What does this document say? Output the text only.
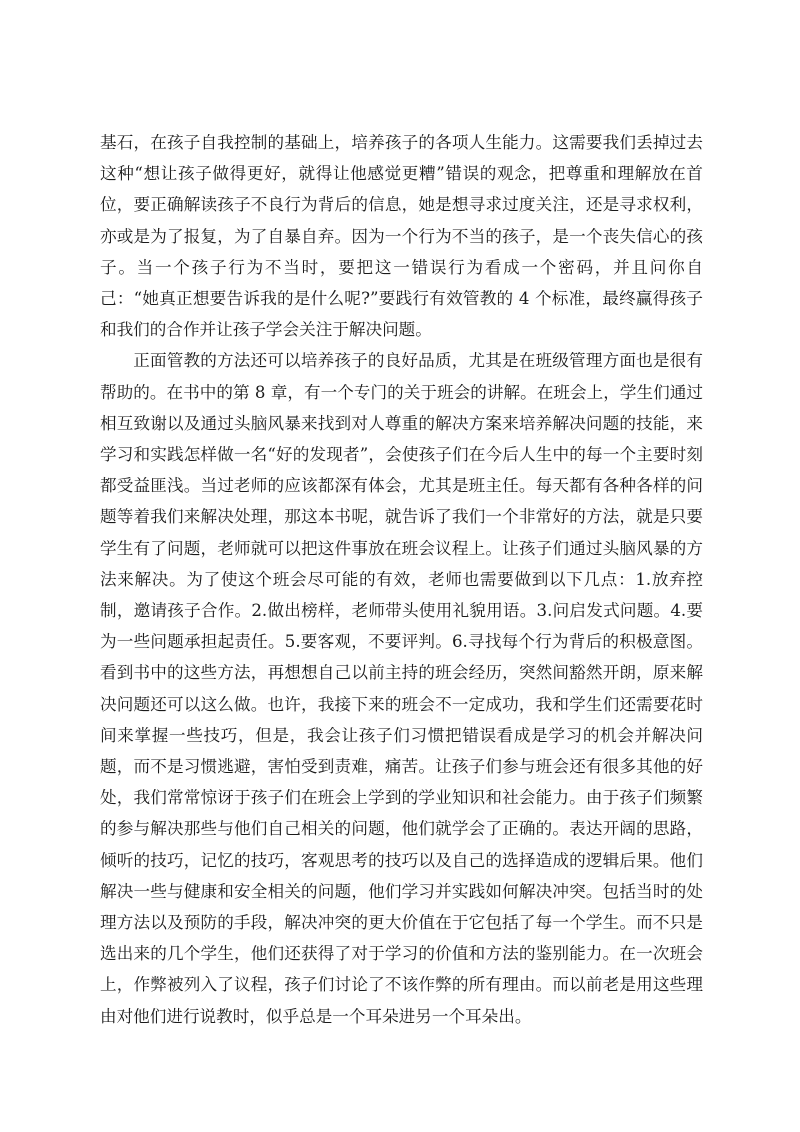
基石，在孩子自我控制的基础上，培养孩子的各项人生能力。这需要我们丢掉过去这种“想让孩子做得更好，就得让他感觉更糟”错误的观念，把尊重和理解放在首位，要正确解读孩子不良行为背后的信息，她是想寻求过度关注，还是寻求权利，亦或是为了报复，为了自暴自弃。因为一个行为不当的孩子，是一个丧失信心的孩子。当一个孩子行为不当时，要把这一错误行为看成一个密码，并且问你自己：“她真正想要告诉我的是什么呢?”要践行有效管教的 4 个标准，最终赢得孩子和我们的合作并让孩子学会关注于解决问题。

正面管教的方法还可以培养孩子的良好品质，尤其是在班级管理方面也是很有帮助的。在书中的第 8 章，有一个专门的关于班会的讲解。在班会上，学生们通过相互致谢以及通过头脑风暴来找到对人尊重的解决方案来培养解决问题的技能，来学习和实践怎样做一名“好的发现者”，会使孩子们在今后人生中的每一个主要时刻都受益匪浅。当过老师的应该都深有体会，尤其是班主任。每天都有各种各样的问题等着我们来解决处理，那这本书呢，就告诉了我们一个非常好的方法，就是只要学生有了问题，老师就可以把这件事放在班会议程上。让孩子们通过头脑风暴的方法来解决。为了使这个班会尽可能的有效，老师也需要做到以下几点：1.放弃控制，邀请孩子合作。2.做出榜样，老师带头使用礼貌用语。3.问启发式问题。4.要为一些问题承担起责任。5.要客观，不要评判。6.寻找每个行为背后的积极意图。看到书中的这些方法，再想想自己以前主持的班会经历，突然间豁然开朗，原来解决问题还可以这么做。也许，我接下来的班会不一定成功，我和学生们还需要花时间来掌握一些技巧，但是，我会让孩子们习惯把错误看成是学习的机会并解决问题，而不是习惯逃避，害怕受到责难，痛苦。让孩子们参与班会还有很多其他的好处，我们常常惊讶于孩子们在班会上学到的学业知识和社会能力。由于孩子们频繁的参与解决那些与他们自己相关的问题，他们就学会了正确的。表达开阔的思路，倾听的技巧，记忆的技巧，客观思考的技巧以及自己的选择造成的逻辑后果。他们解决一些与健康和安全相关的问题，他们学习并实践如何解决冲突。包括当时的处理方法以及预防的手段，解决冲突的更大价值在于它包括了每一个学生。而不只是选出来的几个学生，他们还获得了对于学习的价值和方法的鉴别能力。在一次班会上，作弊被列入了议程，孩子们讨论了不该作弊的所有理由。而以前老是用这些理由对他们进行说教时，似乎总是一个耳朵进另一个耳朵出。
